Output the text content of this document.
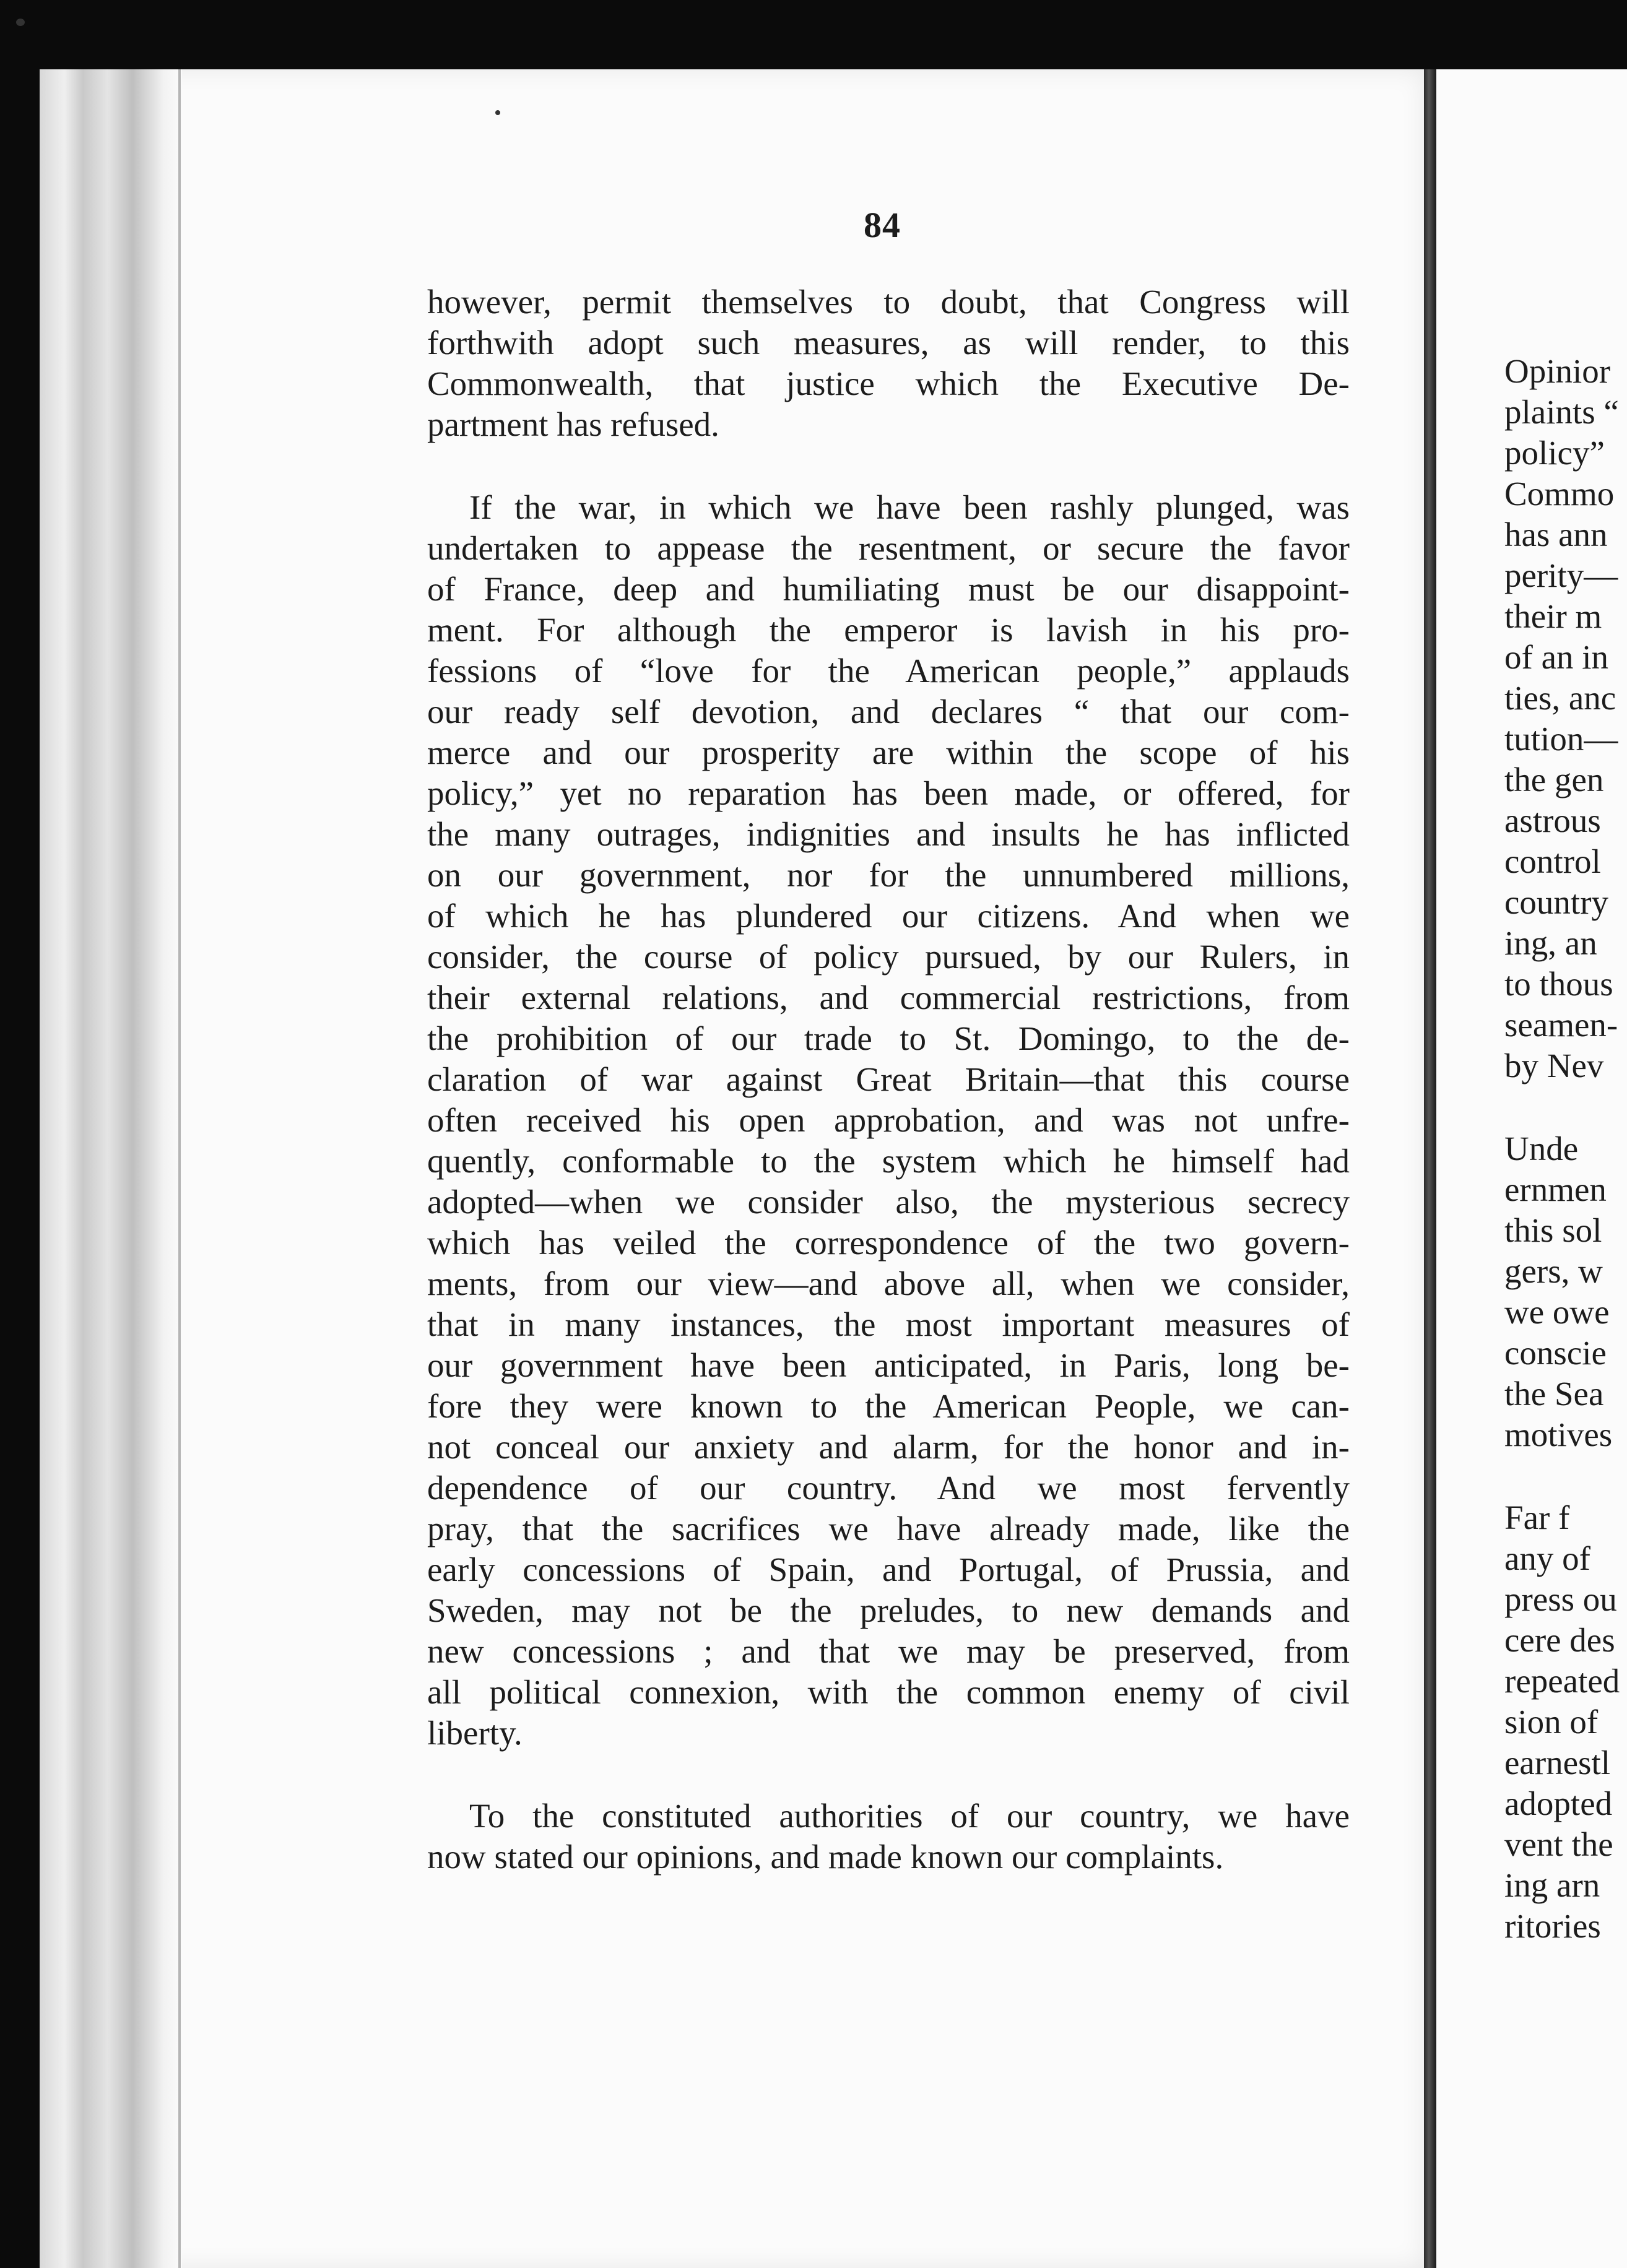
Opinior
plaints “
policy”
Commo
has ann
perity—
their m
of an in
ties, anc
tution—
the gen
astrous
control
country
ing, an
to thous
seamen-
by Nev
Unde
ernmen
this sol
gers, w
we owe
conscie
the Sea
motives
Far f
any of
press ou
cere des
repeated
sion of
earnestl
adopted
vent the
ing arn
ritories
84
however, permit themselves to doubt, that Congress will
forthwith adopt such measures, as will render, to this
Commonwealth, that justice which the Executive De-
partment has refused.
If the war, in which we have been rashly plunged, was
undertaken to appease the resentment, or secure the favor
of France, deep and humiliating must be our disappoint-
ment. For although the emperor is lavish in his pro-
fessions of “love for the American people,” applauds
our ready self devotion, and declares “ that our com-
merce and our prosperity are within the scope of his
policy,” yet no reparation has been made, or offered, for
the many outrages, indignities and insults he has inflicted
on our government, nor for the unnumbered millions,
of which he has plundered our citizens. And when we
consider, the course of policy pursued, by our Rulers, in
their external relations, and commercial restrictions, from
the prohibition of our trade to St. Domingo, to the de-
claration of war against Great Britain—that this course
often received his open approbation, and was not unfre-
quently, conformable to the system which he himself had
adopted—when we consider also, the mysterious secrecy
which has veiled the correspondence of the two govern-
ments, from our view—and above all, when we consider,
that in many instances, the most important measures of
our government have been anticipated, in Paris, long be-
fore they were known to the American People, we can-
not conceal our anxiety and alarm, for the honor and in-
dependence of our country. And we most fervently
pray, that the sacrifices we have already made, like the
early concessions of Spain, and Portugal, of Prussia, and
Sweden, may not be the preludes, to new demands and
new concessions ; and that we may be preserved, from
all political connexion, with the common enemy of civil
liberty.
To the constituted authorities of our country, we have
now stated our opinions, and made known our complaints.
